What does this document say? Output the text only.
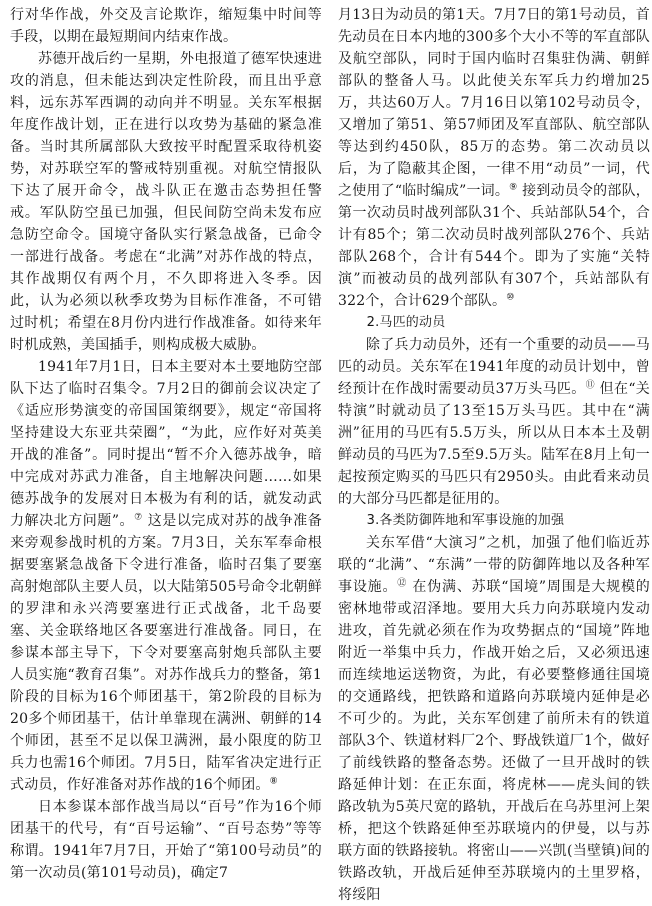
行对华作战，外交及言论欺诈，缩短集中时间等手段，以期在最短期间内结束作战。

苏德开战后约一星期，外电报道了德军快速进攻的消息，但未能达到决定性阶段，而且出乎意料，远东苏军西调的动向并不明显。关东军根据年度作战计划，正在进行以攻势为基础的紧急准备。当时其所属部队大致按平时配置采取待机姿势，对苏联空军的警戒特别重视。对航空情报队下达了展开命令，战斗队正在邀击态势担任警戒。军队防空虽已加强，但民间防空尚未发布应急防空命令。国境守备队实行紧急战备，已命令一部进行战备。考虑在“北满”对苏作战的特点，其作战期仅有两个月，不久即将进入冬季。因此，认为必须以秋季攻势为目标作准备，不可错过时机；希望在8月份内进行作战准备。如待来年时机成熟，美国插手，则构成极大威胁。

1941年7月1日，日本主要对本土要地防空部队下达了临时召集令。7月2日的御前会议决定了《适应形势演变的帝国国策纲要》，规定“帝国将坚持建设大东亚共荣圈”，“为此，应作好对英美开战的准备”。同时提出“暂不介入德苏战争，暗中完成对苏武力准备，自主地解决问题……如果德苏战争的发展对日本极为有利的话，就发动武力解决北方问题”。⑦ 这是以完成对苏的战争准备来旁观参战时机的方案。7月3日，关东军奉命根据要塞紧急战备下令进行准备，临时召集了要塞高射炮部队主要人员，以大陆第505号命令北朝鲜的罗津和永兴湾要塞进行正式战备，北千岛要塞、关金联络地区各要塞进行准战备。同日，在参谋本部主导下，下令对要塞高射炮兵部队主要人员实施“教育召集”。对苏作战兵力的整备，第1阶段的目标为16个师团基干，第2阶段的目标为20多个师团基干，估计单靠现在满洲、朝鲜的14个师团，甚至不足以保卫满洲，最小限度的防卫兵力也需16个师团。7月5日，陆军省决定进行正式动员，作好准备对苏作战的16个师团。⑧

日本参谋本部作战当局以“百号”作为16个师团基干的代号，有“百号运输”、“百号态势”等等称谓。1941年7月7日，开始了“第100号动员”的第一次动员(第101号动员)，确定7

月13日为动员的第1天。7月7日的第1号动员，首先动员在日本内地的300多个大小不等的军直部队及航空部队，同时于国内临时召集驻伪满、朝鲜部队的整备人马。以此使关东军兵力约增加25万，共达60万人。7月16日以第102号动员令，又增加了第51、第57师团及军直部队、航空部队等达到约450队，85万的态势。第二次动员以后，为了隐蔽其企图，一律不用“动员”一词，代之使用了“临时编成”一词。⑨ 接到动员令的部队，第一次动员时战列部队31个、兵站部队54个，合计有85个；第二次动员时战列部队276个、兵站部队268个，合计有544个。即为了实施“关特演”而被动员的战列部队有307个，兵站部队有322个，合计629个部队。⑩

2.马匹的动员

除了兵力动员外，还有一个重要的动员——马匹的动员。关东军在1941年度的动员计划中，曾经预计在作战时需要动员37万头马匹。⑪ 但在“关特演”时就动员了13至15万头马匹。其中在“满洲”征用的马匹有5.5万头，所以从日本本土及朝鲜动员的马匹为7.5至9.5万头。陆军在8月上旬一起按预定购买的马匹只有2950头。由此看来动员的大部分马匹都是征用的。

3.各类防御阵地和军事设施的加强

关东军借“大演习”之机，加强了他们临近苏联的“北满”、“东满”一带的防御阵地以及各种军事设施。⑫ 在伪满、苏联“国境”周围是大规模的密林地带或沼泽地。要用大兵力向苏联境内发动进攻，首先就必须在作为攻势据点的“国境”阵地附近一举集中兵力，作战开始之后，又必须迅速而连续地运送物资，为此，有必要整修通往国境的交通路线，把铁路和道路向苏联境内延伸是必不可少的。为此，关东军创建了前所未有的铁道部队3个、铁道材料厂2个、野战铁道厂1个，做好了前线铁路的整备态势。还做了一旦开战时的铁路延伸计划：在正东面，将虎林——虎头间的铁路改轨为5英尺宽的路轨，开战后在乌苏里河上架桥，把这个铁路延伸至苏联境内的伊曼，以与苏联方面的铁路接轨。将密山——兴凯(当壁镇)间的铁路改轨，开战后延伸至苏联境内的土里罗格，将绥阳
